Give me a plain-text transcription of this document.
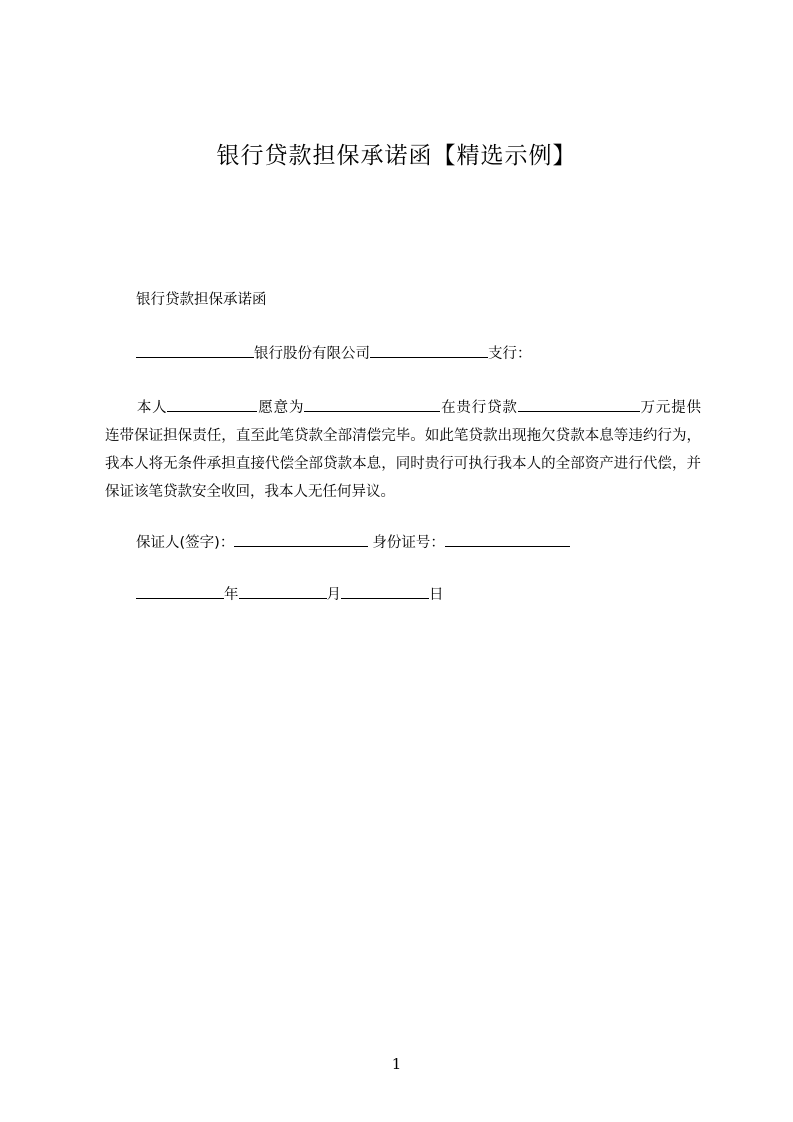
银行贷款担保承诺函【精选示例】
银行贷款担保承诺函
银行股份有限公司	支行：
本人	愿意为	在贵行贷款	万元提供连带保证担保责任，直至此笔贷款全部清偿完毕。如此笔贷款出现拖欠贷款本息等违约行为，我本人将无条件承担直接代偿全部贷款本息，同时贵行可执行我本人的全部资产进行代偿，并保证该笔贷款安全收回，我本人无任何异议。
保证人(签字)：	身份证号：
年	月	日
1
